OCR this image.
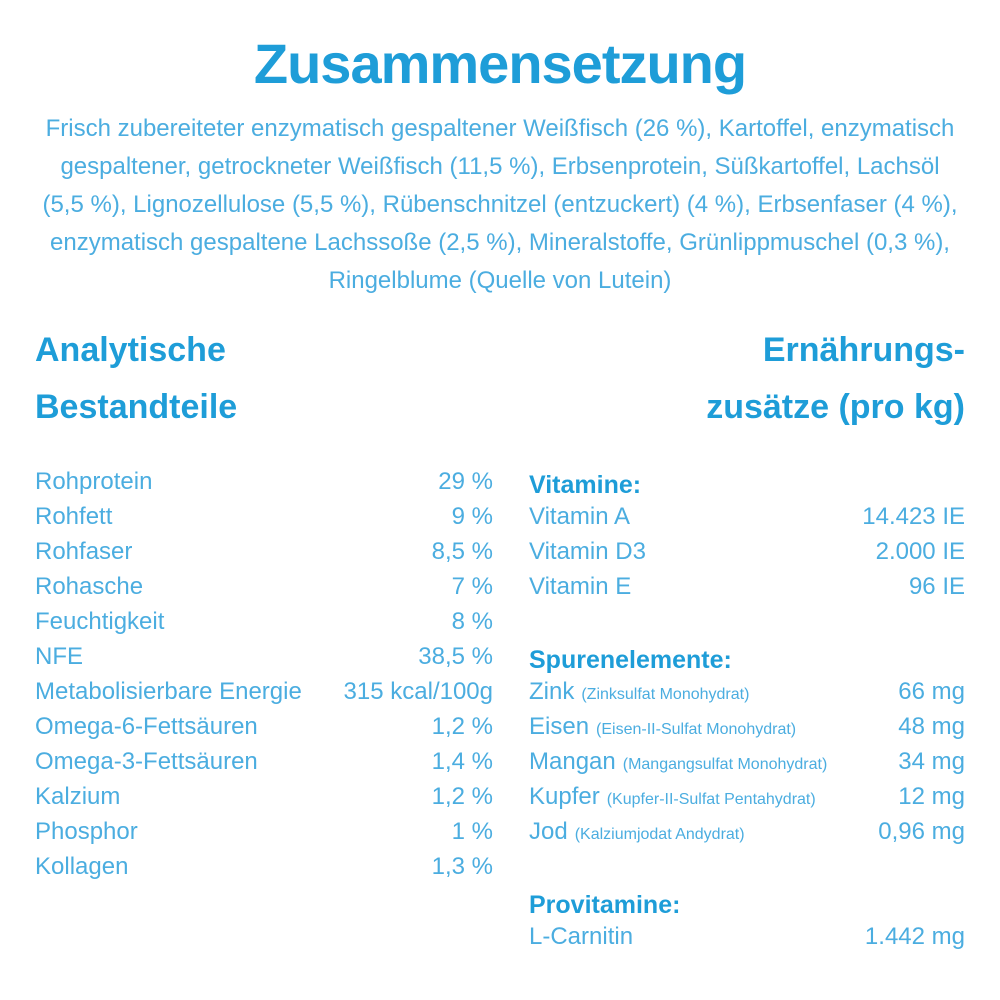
Zusammensetzung

Frisch zubereiteter enzymatisch gespaltener Weißfisch (26 %), Kartoffel, enzymatisch gespaltener, getrockneter Weißfisch (11,5 %), Erbsenprotein, Süßkartoffel, Lachsöl (5,5 %), Lignozellulose (5,5 %), Rübenschnitzel (entzuckert) (4 %), Erbsenfaser (4 %), enzymatisch gespaltene Lachssoße (2,5 %), Mineralstoffe, Grünlippmuschel (0,3 %), Ringelblume (Quelle von Lutein)

Analytische
Bestandteile
Rohprotein	29 %
Rohfett	9 %
Rohfaser	8,5 %
Rohasche	7 %
Feuchtigkeit	8 %
NFE	38,5 %
Metabolisierbare Energie 315 kcal/100g
Omega-6-Fettsäuren	1,2 %
Omega-3-Fettsäuren	1,4 %
Kalzium	1,2 %
Phosphor	1 %
Kollagen	1,3 %
Ernährungs-
zusätze (pro kg)
Vitamine:
Vitamin A	14.423 IE
Vitamin D3	2.000 IE
Vitamin E	96 IE
Spurenelemente:
Zink (Zinksulfat Monohydrat)	66 mg
Eisen (Eisen-II-Sulfat Monohydrat)	48 mg
Mangan (Mangangsulfat Monohydrat)	34 mg
Kupfer (Kupfer-II-Sulfat Pentahydrat)	12 mg
Jod (Kalziumjodat Andydrat)	0,96 mg
Provitamine:
L-Carnitin	1.442 mg
